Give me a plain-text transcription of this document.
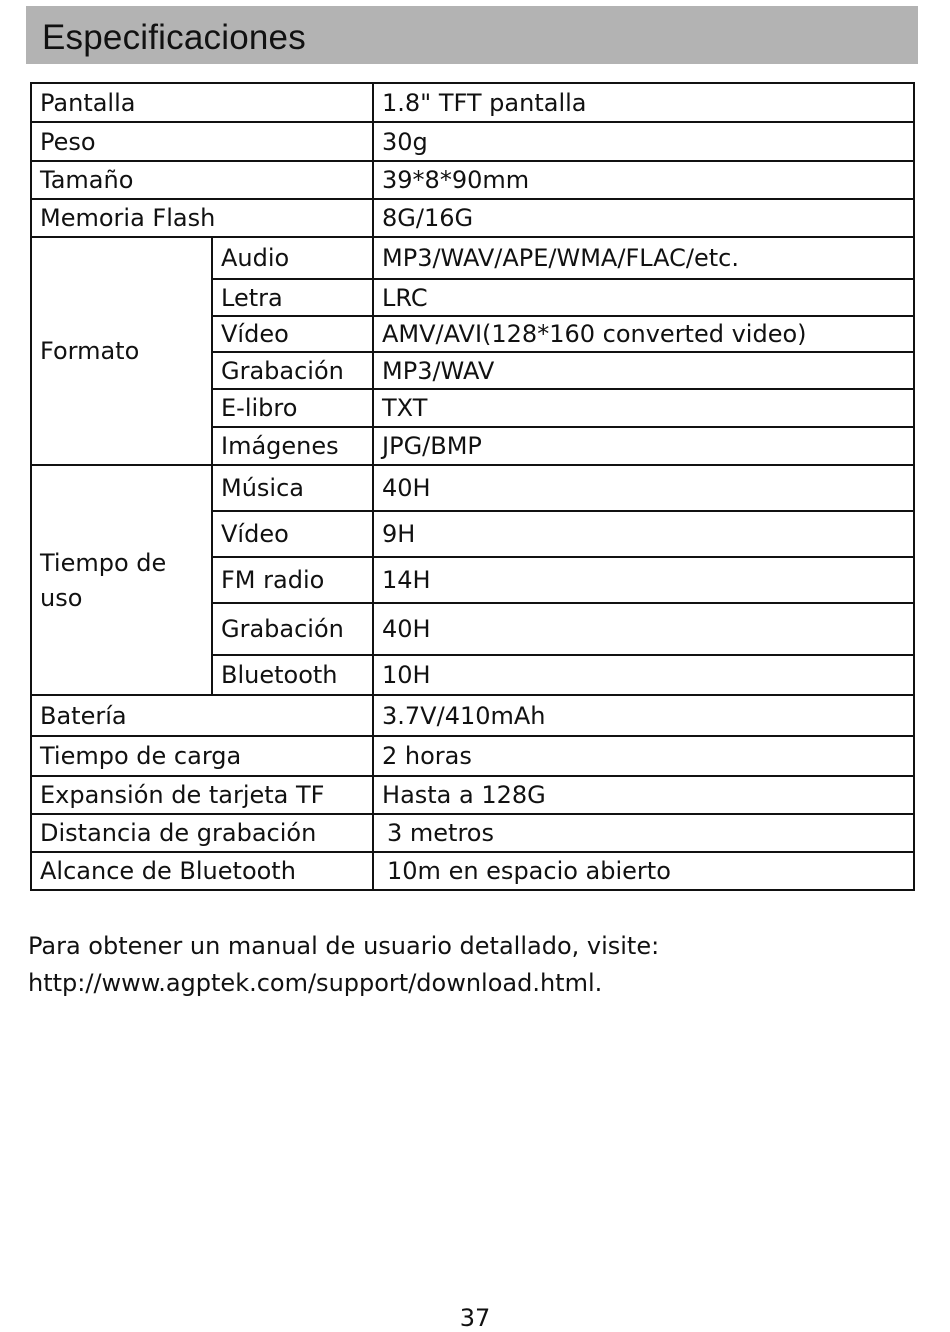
Especificaciones
Pantalla		1.8" TFT pantalla
Peso		30g
Tamaño		39*8*90mm
Memoria Flash		8G/16G
Formato	Audio	MP3/WAV/APE/WMA/FLAC/etc.
	Letra	LRC
	Vídeo	AMV/AVI(128*160 converted video)
	Grabación	MP3/WAV
	E-libro	TXT
	Imágenes	JPG/BMP

Tiempo de
uso	Música	40H
	Vídeo	9H
	FM radio	14H
	Grabación	40H
	Bluetooth	10H
Batería		3.7V/410mAh
Tiempo de carga		2 horas
Expansión de tarjeta TF		Hasta a 128G
Distancia de grabación		3 metros
Alcance de Bluetooth		10m en espacio abierto
Para obtener un manual de usuario detallado, visite:
http://www.agptek.com/support/download.html.
37
